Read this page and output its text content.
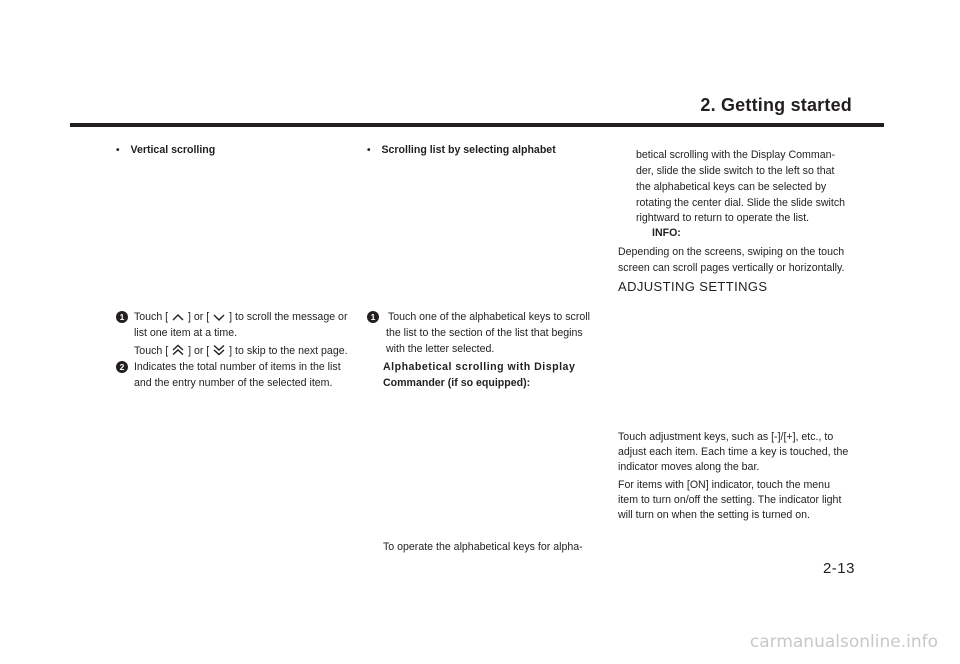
2. Getting started
• Vertical scrolling
1 Touch [ ] or [ ] to scroll the message or
list one item at a time.
Touch [ ] or [ ] to skip to the next page.
2 Indicates the total number of items in the list
and the entry number of the selected item.
• Scrolling list by selecting alphabet
1 Touch one of the alphabetical keys to scroll
the list to the section of the list that begins
with the letter selected.
Alphabetical scrolling with Display
Commander (if so equipped):
To operate the alphabetical keys for alpha-
betical scrolling with the Display Comman-
der, slide the slide switch to the left so that
the alphabetical keys can be selected by
rotating the center dial. Slide the slide switch
rightward to return to operate the list.
INFO:
Depending on the screens, swiping on the touch
screen can scroll pages vertically or horizontally.
ADJUSTING SETTINGS
Touch adjustment keys, such as [-]/[+], etc., to
adjust each item. Each time a key is touched, the
indicator moves along the bar.
For items with [ON] indicator, touch the menu
item to turn on/off the setting. The indicator light
will turn on when the setting is turned on.
2-13
carmanualsonline.info
